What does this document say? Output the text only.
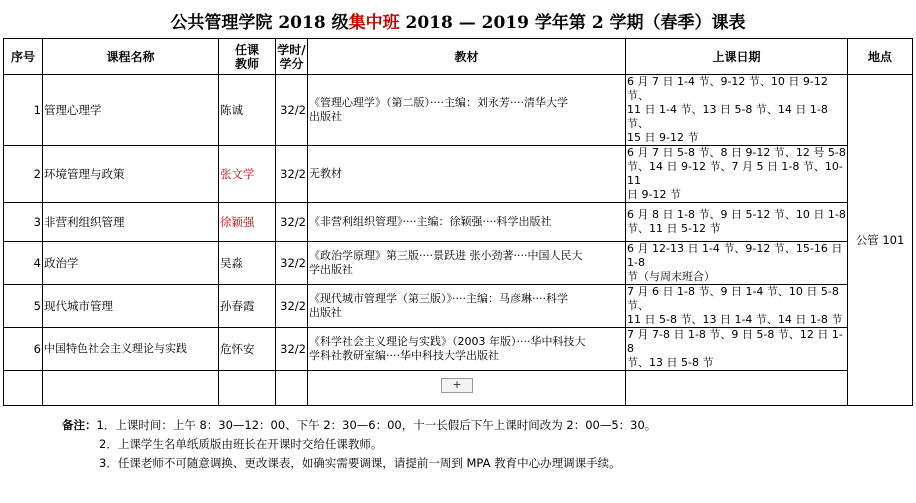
公共管理学院 2018 级集中班 2018 — 2019 学年第 2 学期（春季）课表
序号	课程名称	任课
教师	学时/
学分	教材	上课日期	地点
1	管理心理学	陈诚	32/2	《管理心理学》（第二版）····主编：刘永芳····清华大学
出版社	6 月 7 日 1-4 节、9-12 节、10 日 9-12 节、
11 日 1-4 节、13 日 5-8 节、14 日 1-8 节、
15 日 9-12 节	公管 101
2	环境管理与政策	张文学	32/2	无教材	6 月 7 日 5-8 节、8 日 9-12 节、12 号 5-8
节、14 日 9-12 节、7 月 5 日 1-8 节、10-11
日 9-12 节	
3	非营利组织管理	徐颖强	32/2	《非营利组织管理》····主编：徐颖强····科学出版社	6 月 8 日 1-8 节、9 日 5-12 节、10 日 1-8
节、11 日 5-12 节	
4	政治学	吴淼	32/2	《政治学原理》第三版····景跃进 张小劲著····中国人民大
学出版社	6 月 12-13 日 1-4 节、9-12 节、15-16 日 1-8
节（与周末班合）	
5	现代城市管理	孙春霞	32/2	《现代城市管理学（第三版）》····主编：马彦琳····科学
出版社	7 月 6 日 1-8 节、9 日 1-4 节、10 日 5-8 节、
11 日 5-8 节、13 日 1-4 节、14 日 1-8 节	
6	中国特色社会主义理论与实践	危怀安	32/2	《科学社会主义理论与实践》（2003 年版）····华中科技大
学科社教研室编····华中科技大学出版社	7 月 7-8 日 1-8 节、9 日 5-8 节、12 日 1-8
节、13 日 5-8 节	

+
备注：1．上课时间：上午 8：30—12：00、下午 2：30—6：00，十一长假后下午上课时间改为 2：00—5：30。
2．上课学生名单纸质版由班长在开课时交给任课教师。
3．任课老师不可随意调换、更改课表，如确实需要调课，请提前一周到 MPA 教育中心办理调课手续。
